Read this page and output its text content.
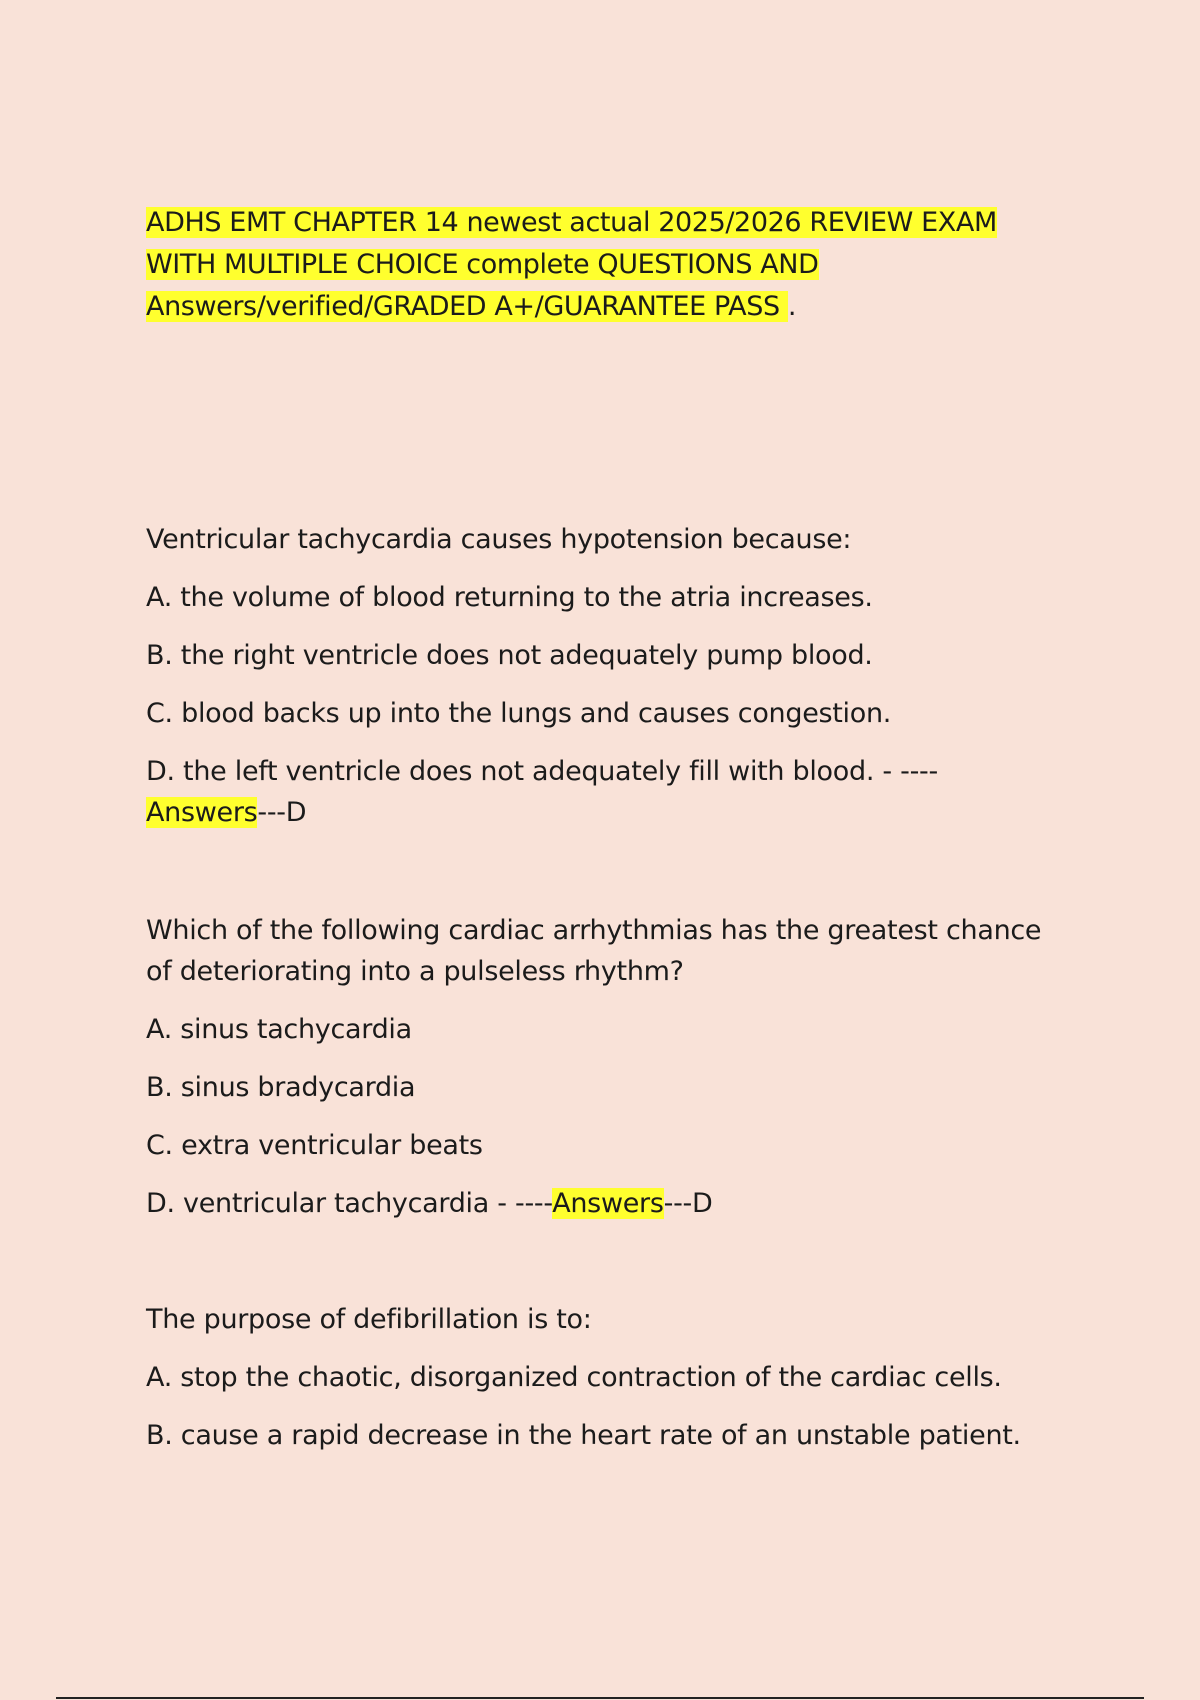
ADHS EMT CHAPTER 14 newest actual 2025/2026 REVIEW EXAM WITH MULTIPLE CHOICE complete QUESTIONS AND Answers/verified/GRADED A+/GUARANTEE PASS .

Ventricular tachycardia causes hypotension because:

A. the volume of blood returning to the atria increases.

B. the right ventricle does not adequately pump blood.

C. blood backs up into the lungs and causes congestion.

D. the left ventricle does not adequately fill with blood. - ----
Answers---D

Which of the following cardiac arrhythmias has the greatest chance of deteriorating into a pulseless rhythm?

A. sinus tachycardia

B. sinus bradycardia

C. extra ventricular beats

D. ventricular tachycardia - ----Answers---D

The purpose of defibrillation is to:

A. stop the chaotic, disorganized contraction of the cardiac cells.

B. cause a rapid decrease in the heart rate of an unstable patient.
